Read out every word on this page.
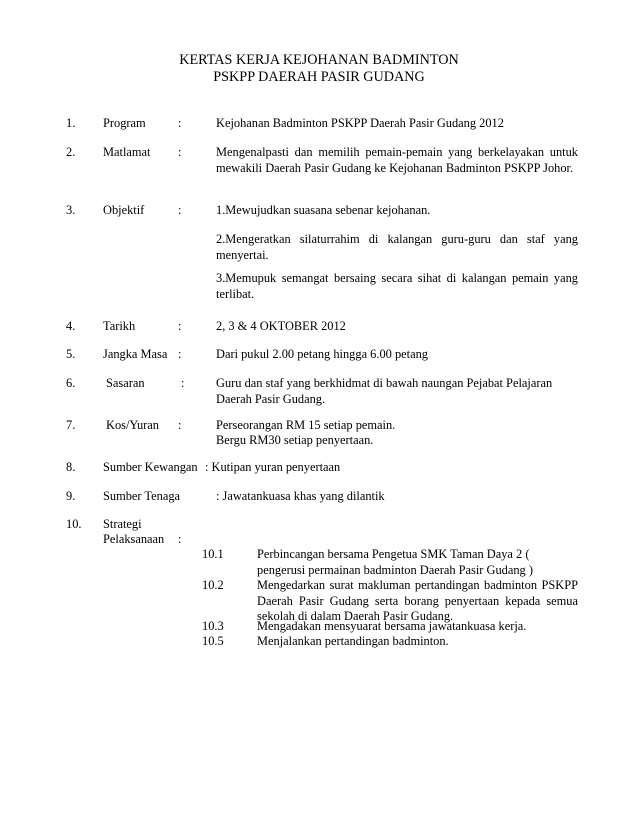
KERTAS KERJA KEJOHANAN BADMINTON
PSKPP DAERAH PASIR GUDANG
1. Program	:	Kejohanan Badminton PSKPP Daerah Pasir Gudang 2012
2. Matlamat :	Mengenalpasti dan memilih pemain-pemain yang berkelayakan untuk mewakili Daerah Pasir Gudang ke Kejohanan Badminton PSKPP Johor.
3. Objektif	:	1.Mewujudkan suasana sebenar kejohanan.
2.Mengeratkan silaturrahim di kalangan guru-guru dan staf yang menyertai.
3.Memupuk semangat bersaing secara sihat di kalangan pemain yang terlibat.
4. Tarikh	:	2, 3 & 4 OKTOBER 2012
5. Jangka Masa :	Dari pukul 2.00 petang hingga 6.00 petang
6. Sasaran	:	Guru dan staf yang berkhidmat di bawah naungan Pejabat Pelajaran Daerah Pasir Gudang.
7. Kos/Yuran :	Perseorangan RM 15 setiap pemain.
Bergu RM30 setiap penyertaan.
8. Sumber Kewangan : Kutipan yuran penyertaan
9. Sumber Tenaga	: Jawatankuasa khas yang dilantik
10. Strategi
Pelaksanaan :
10.1	Perbincangan bersama Pengetua SMK Taman Daya 2 ( pengerusi permainan badminton Daerah Pasir Gudang )
10.2	Mengedarkan surat makluman pertandingan badminton PSKPP Daerah Pasir Gudang serta borang penyertaan kepada semua sekolah di dalam Daerah Pasir Gudang.
10.3	Mengadakan mensyuarat bersama jawatankuasa kerja.
10.5	Menjalankan pertandingan badminton.
